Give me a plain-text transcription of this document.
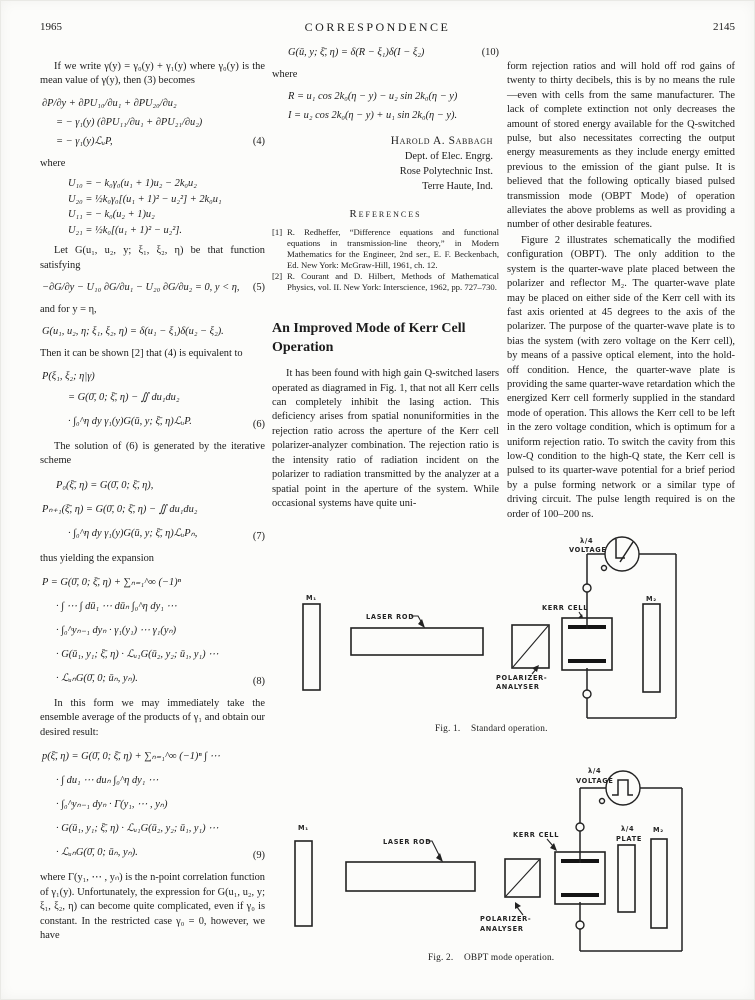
1965	CORRESPONDENCE	2145

If we write γ(y) = γ₀(y) + γ₁(y) where γ₀(y) is the mean value of γ(y), then (3) becomes

∂P/∂y + ∂PU₁₀/∂u₁ + ∂PU₂₀/∂u₂
= − γ₁(y) (∂PU₁₁/∂u₁ + ∂PU₂₁/∂u₂)
= − γ₁(y)ℒᵤP,	(4)

where

U₁₀ = − k₀γ₀(u₁ + 1)u₂ − 2k₀u₂
U₂₀ = ½k₀γ₀[(u₁ + 1)² − u₂²] + 2k₀u₁
U₁₁ = − k₀(u₂ + 1)u₂
U₂₁ = ½k₀[(u₁ + 1)² − u₂²].

Let G(u₁, u₂, y; ξ₁, ξ₂, η) be that function satisfying

−∂G/∂y − U₁₀ ∂G/∂u₁ − U₂₀ ∂G/∂u₂ = 0, y < η,	(5)

and for y = η,

G(u₁, u₂, η; ξ₁, ξ₂, η) = δ(u₁ − ξ₁)δ(u₂ − ξ₂).

Then it can be shown [2] that (4) is equivalent to

P(ξ₁, ξ₂; η|γ)
= G(0̄, 0; ξ̄, η) − ∬ du₁du₂
· ∫₀^η dy γ₁(y)G(ū, y; ξ̄, η)ℒᵤP.	(6)

The solution of (6) is generated by the iterative scheme

P₀(ξ̄, η) = G(0̄, 0; ξ̄, η),
Pₙ₊₁(ξ̄, η) = G(0̄, 0; ξ̄, η) − ∬ du₁du₂
· ∫₀^η dy γ₁(y)G(ū, y; ξ̄, η)ℒᵤPₙ,	(7)

thus yielding the expansion

P = G(0̄, 0; ξ̄, η) + ∑ₙ₌₁^∞ (−1)ⁿ
· ∫ ⋯ ∫ dū₁ ⋯ dūₙ ∫₀^η dy₁ ⋯
· ∫₀^yₙ₋₁ dyₙ · γ₁(y₁) ⋯ γ₁(yₙ)
· G(ū₁, y₁; ξ̄, η) · ℒᵤ₁G(ū₂, y₂; ū₁, y₁) ⋯
· ℒᵤₙG(0̄, 0; ūₙ, yₙ).	(8)

In this form we may immediately take the ensemble average of the products of γ₁ and obtain our desired result:

p(ξ̄, η) = G(0̄, 0; ξ̄, η) + ∑ₙ₌₁^∞ (−1)ⁿ ∫ ⋯
· ∫ du₁ ⋯ duₙ ∫₀^η dy₁ ⋯
· ∫₀^yₙ₋₁ dyₙ · Γ(y₁, ⋯ , yₙ)
· G(ū₁, y₁; ξ̄, η) · ℒᵤ₁G(ū₂, y₂; ū₁, y₁) ⋯
· ℒᵤₙG(0̄, 0; ūₙ, yₙ).	(9)

where Γ(y₁, ⋯ , yₙ) is the n-point correlation function of γ₁(y). Unfortunately, the expression for G(u₁, u₂, y; ξ₁, ξ₂, η) can become quite complicated, even if γ₀ is constant. In the restricted case γ₀ = 0, however, we have

G(ū, y; ξ̄, η) = δ(R − ξ₁)δ(I − ξ₂)	(10)

where

R = u₁ cos 2k₀(η − y) − u₂ sin 2k₀(η − y)
I = u₂ cos 2k₀(η − y) + u₁ sin 2k₀(η − y).
Harold A. Sabbagh
Dept. of Elec. Engrg.
Rose Polytechnic Inst.
Terre Haute, Ind.
References
[1] R. Redheffer, “Difference equations and functional equations in transmission-line theory,” in Modern Mathematics for the Engineer, 2nd ser., E. F. Beckenbach, Ed. New York: McGraw-Hill, 1961, ch. 12.
[2] R. Courant and D. Hilbert, Methods of Mathematical Physics, vol. II. New York: Interscience, 1962, pp. 727–730.
An Improved Mode of Kerr Cell Operation

It has been found with high gain Q-switched lasers operated as diagramed in Fig. 1, that not all Kerr cells can completely inhibit the lasing action. This deficiency arises from spatial nonuniformities in the rejection ratio across the aperture of the Kerr cell polarizer-analyzer combination. The rejection ratio is the intensity ratio of radiation incident on the polarizer to radiation transmitted by the analyzer at a spatial point in the aperture of the system. While occasional systems have quite uni-

form rejection ratios and will hold off rod gains of twenty to thirty decibels, this is by no means the rule—even with cells from the same manufacturer. The lack of complete extinction not only decreases the amount of stored energy available for the Q-switched pulse, but also necessitates correcting the output energy measurements as they include energy emitted previous to the emission of the giant pulse. It is believed that the following optically biased pulsed transmission mode (OBPT Mode) of operation alleviates the above problems as well as providing a number of other desirable features.

Figure 2 illustrates schematically the modified configuration (OBPT). The only addition to the system is the quarter-wave plate placed between the polarizer and reflector M₂. The quarter-wave plate may be placed on either side of the Kerr cell with its fast axis oriented at 45 degrees to the axis of the polarizer. The purpose of the quarter-wave plate is to bias the system (with zero voltage on the Kerr cell), by means of a passive optical element, into the hold-off condition. Hence, the quarter-wave plate is providing the same quarter-wave retardation which the energized Kerr cell formerly supplied in the standard mode of operation. This allows the Kerr cell to be left in the zero voltage condition, which is optimum for a uniform rejection ratio. To switch the cavity from this low-Q condition to the high-Q state, the Kerr cell is pulsed to its quarter-wave potential for a brief period by a pulse forming network or a similar type of driving circuit. The pulse length required is on the order of 100–200 ns.

M₁
LASER ROD
POLARIZER-
ANALYSER
KERR CELL
λ/4
VOLTAGE
M₂
Fig. 1. Standard operation.
M₁
LASER ROD
POLARIZER-
ANALYSER
KERR CELL
λ/4
VOLTAGE
λ/4
PLATE
M₂
Fig. 2. OBPT mode operation.
